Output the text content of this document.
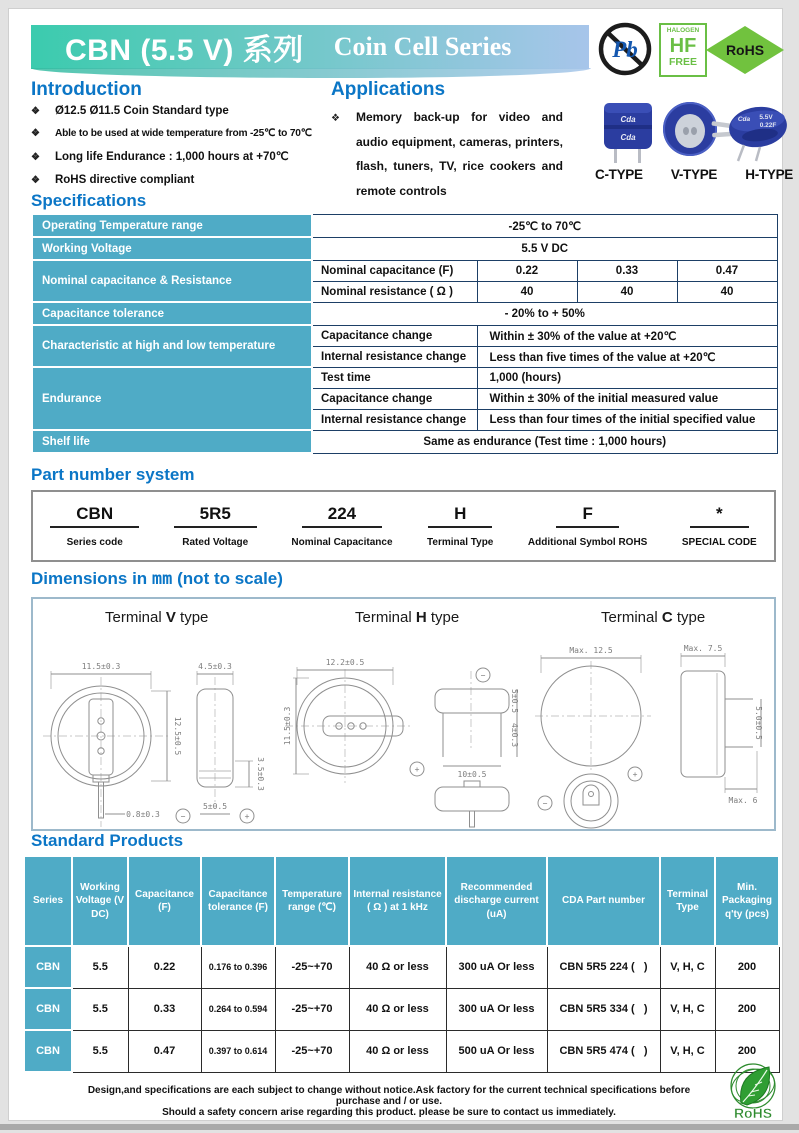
CBN (5.5 V) 系列	Coin Cell Series	Pb
HALOGEN
HF
FREE
RoHS
Introduction
❖ Ø12.5 Ø11.5 Coin Standard type
❖ Able to be used at wide temperature from -25℃ to 70℃
❖ Long life Endurance : 1,000 hours at +70℃
❖ RoHS directive compliant
Applications
❖ Memory back-up for video and audio equipment, cameras, printers, flash, tuners, TV, rice cookers and remote controls
Cda
Cda
Cda 5.5V
0.22F
C-TYPE V-TYPE H-TYPE
Specifications
Operating Temperature range	-25℃ to 70℃			
Working Voltage	5.5 V DC			
Nominal capacitance & Resistance	Nominal capacitance (F)	0.22	0.33	0.47
	Nominal resistance ( Ω )	40	40	40
Capacitance tolerance	- 20% to + 50%			
Characteristic at high and low temperature	Capacitance change	Within ± 30% of the value at +20℃		
	Internal resistance change	Less than five times of the value at +20℃		
Endurance	Test time	1,000 (hours)		
	Capacitance change	Within ± 30% of the initial measured value		
	Internal resistance change	Less than four times of the initial specified value		
Shelf life	Same as endurance (Test time : 1,000 hours)			
Part number system
CBN
Series code
5R5
Rated Voltage
224
Nominal Capacitance
H
Terminal Type
F
Additional Symbol ROHS
*
SPECIAL CODE
Dimensions in mm (not to scale)
Terminal V type	Terminal H type	Terminal C type
11.5±0.3
12.5±0.5
0.8±0.3
4.5±0.3
3.5±0.3
5±0.5
−	+
12.2±0.5
11.5±0.3
+
−
5±0.5
4±0.3
10±0.5
Max. 12.5
+
−
Max. 7.5
5.0±0.5
Max. 6
Standard Products
Series	Working Voltage (V DC)	Capacitance (F)	Capacitance tolerance (F)	Temperature range (℃)	Internal resistance ( Ω ) at 1 kHz	Recommended discharge current (uA)	CDA Part number	Terminal Type	Min. Packaging q'ty (pcs)
CBN	5.5	0.22	0.176 to 0.396	-25~+70	40 Ω or less	300 uA Or less	CBN 5R5 224 (   )	V, H, C	200
CBN	5.5	0.33	0.264 to 0.594	-25~+70	40 Ω or less	300 uA Or less	CBN 5R5 334 (   )	V, H, C	200
CBN	5.5	0.47	0.397 to 0.614	-25~+70	40 Ω or less	500 uA Or less	CBN 5R5 474 (   )	V, H, C	200
Design,and specifications are each subject to change without notice.Ask factory for the current technical specifications before purchase and / or use.
Should a safety concern arise regarding this product. please be sure to contact us immediately.	RoHS
